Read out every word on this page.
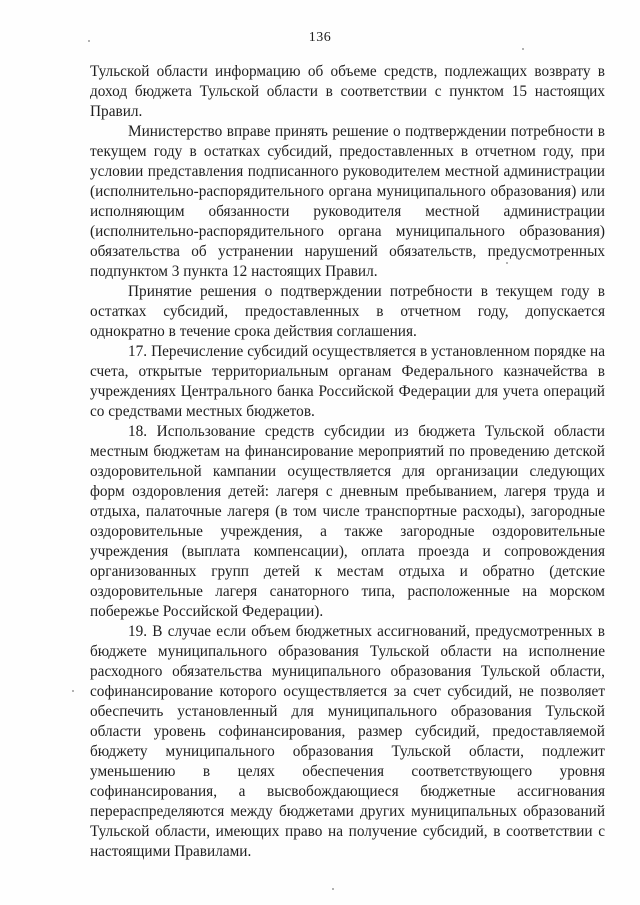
136

Тульской области информацию об объеме средств, подлежащих возврату в доход бюджета Тульской области в соответствии с пунктом 15 настоящих Правил.

Министерство вправе принять решение о подтверждении потребности в текущем году в остатках субсидий, предоставленных в отчетном году, при условии представления подписанного руководителем местной администрации (исполнительно-распорядительного органа муниципального образования) или исполняющим обязанности руководителя местной администрации (исполнительно-распорядительного органа муниципального образования) обязательства об устранении нарушений обязательств, предусмотренных подпунктом 3 пункта 12 настоящих Правил.

Принятие решения о подтверждении потребности в текущем году в остатках субсидий, предоставленных в отчетном году, допускается однократно в течение срока действия соглашения.

17. Перечисление субсидий осуществляется в установленном порядке на счета, открытые территориальным органам Федерального казначейства в учреждениях Центрального банка Российской Федерации для учета операций со средствами местных бюджетов.

18. Использование средств субсидии из бюджета Тульской области местным бюджетам на финансирование мероприятий по проведению детской оздоровительной кампании осуществляется для организации следующих форм оздоровления детей: лагеря с дневным пребыванием, лагеря труда и отдыха, палаточные лагеря (в том числе транспортные расходы), загородные оздоровительные учреждения, а также загородные оздоровительные учреждения (выплата компенсации), оплата проезда и сопровождения организованных групп детей к местам отдыха и обратно (детские оздоровительные лагеря санаторного типа, расположенные на морском побережье Российской Федерации).

19. В случае если объем бюджетных ассигнований, предусмотренных в бюджете муниципального образования Тульской области на исполнение расходного обязательства муниципального образования Тульской области, софинансирование которого осуществляется за счет субсидий, не позволяет обеспечить установленный для муниципального образования Тульской области уровень софинансирования, размер субсидий, предоставляемой бюджету муниципального образования Тульской области, подлежит уменьшению в целях обеспечения соответствующего уровня софинансирования, а высвобождающиеся бюджетные ассигнования перераспределяются между бюджетами других муниципальных образований Тульской области, имеющих право на получение субсидий, в соответствии с настоящими Правилами.
